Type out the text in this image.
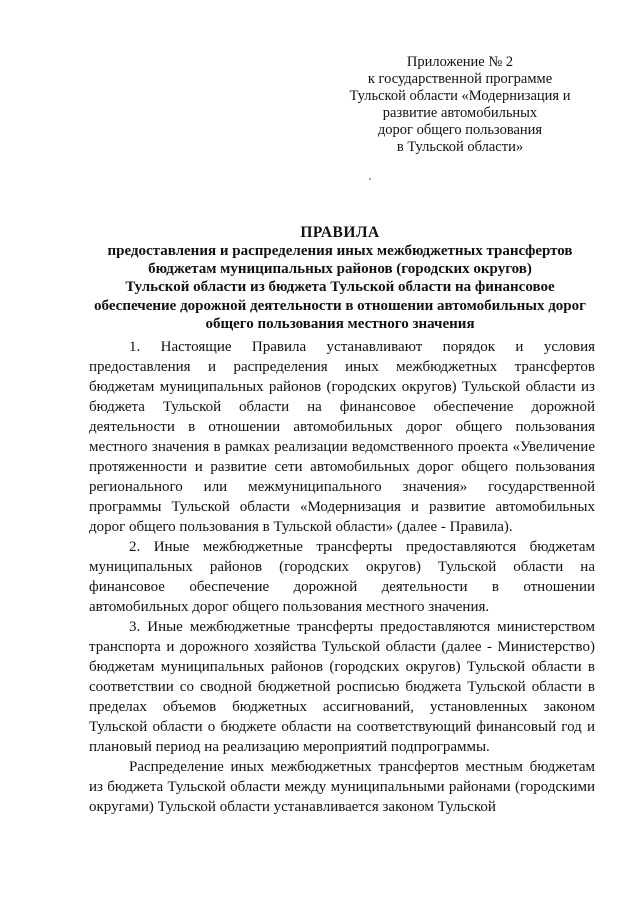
Приложение № 2
к государственной программе
Тульской области «Модернизация и
развитие автомобильных
дорог общего пользования
в Тульской области»
ПРАВИЛА
предоставления и распределения иных межбюджетных трансфертов
бюджетам муниципальных районов (городских округов)
Тульской области из бюджета Тульской области на финансовое
обеспечение дорожной деятельности в отношении автомобильных дорог
общего пользования местного значения

1. Настоящие Правила устанавливают порядок и условия предоставления и распределения иных межбюджетных трансфертов бюджетам муниципальных районов (городских округов) Тульской области из бюджета Тульской области на финансовое обеспечение дорожной деятельности в отношении автомобильных дорог общего пользования местного значения в рамках реализации ведомственного проекта «Увеличение протяженности и развитие сети автомобильных дорог общего пользования регионального или межмуниципального значения» государственной программы Тульской области «Модернизация и развитие автомобильных дорог общего пользования в Тульской области» (далее - Правила).

2. Иные межбюджетные трансферты предоставляются бюджетам муниципальных районов (городских округов) Тульской области на финансовое обеспечение дорожной деятельности в отношении автомобильных дорог общего пользования местного значения.

3. Иные межбюджетные трансферты предоставляются министерством транспорта и дорожного хозяйства Тульской области (далее - Министерство) бюджетам муниципальных районов (городских округов) Тульской области в соответствии со сводной бюджетной росписью бюджета Тульской области в пределах объемов бюджетных ассигнований, установленных законом Тульской области о бюджете области на соответствующий финансовый год и плановый период на реализацию мероприятий подпрограммы.

Распределение иных межбюджетных трансфертов местным бюджетам из бюджета Тульской области между муниципальными районами (городскими округами) Тульской области устанавливается законом Тульской
